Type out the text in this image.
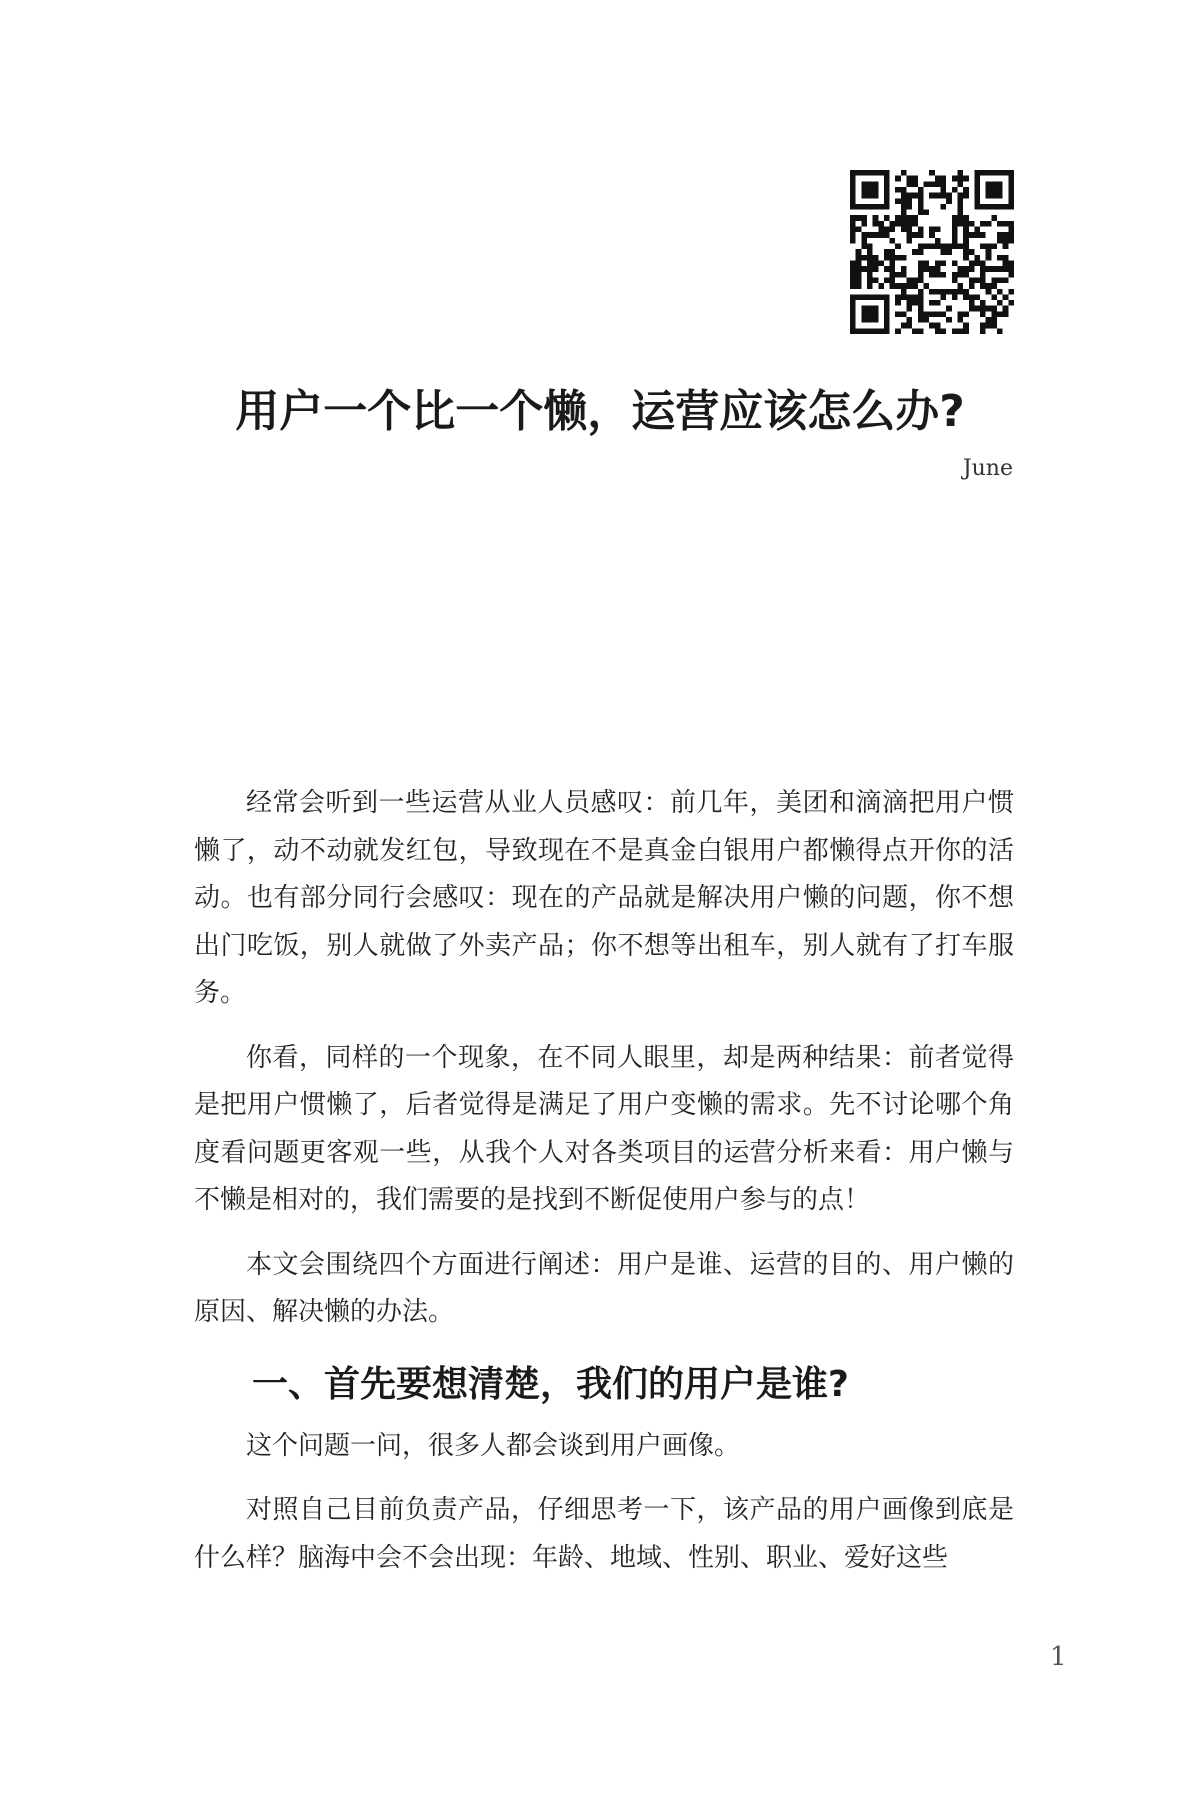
用户一个比一个懒，运营应该怎么办?
June

经常会听到一些运营从业人员感叹：前几年，美团和滴滴把用户惯懒了，动不动就发红包，导致现在不是真金白银用户都懒得点开你的活动。也有部分同行会感叹：现在的产品就是解决用户懒的问题，你不想出门吃饭，别人就做了外卖产品；你不想等出租车，别人就有了打车服务。

你看，同样的一个现象，在不同人眼里，却是两种结果：前者觉得是把用户惯懒了，后者觉得是满足了用户变懒的需求。先不讨论哪个角度看问题更客观一些，从我个人对各类项目的运营分析来看：用户懒与不懒是相对的，我们需要的是找到不断促使用户参与的点！

本文会围绕四个方面进行阐述：用户是谁、运营的目的、用户懒的原因、解决懒的办法。

一、首先要想清楚，我们的用户是谁?

这个问题一问，很多人都会谈到用户画像。

对照自己目前负责产品，仔细思考一下，该产品的用户画像到底是什么样？脑海中会不会出现：年龄、地域、性别、职业、爱好这些

1
